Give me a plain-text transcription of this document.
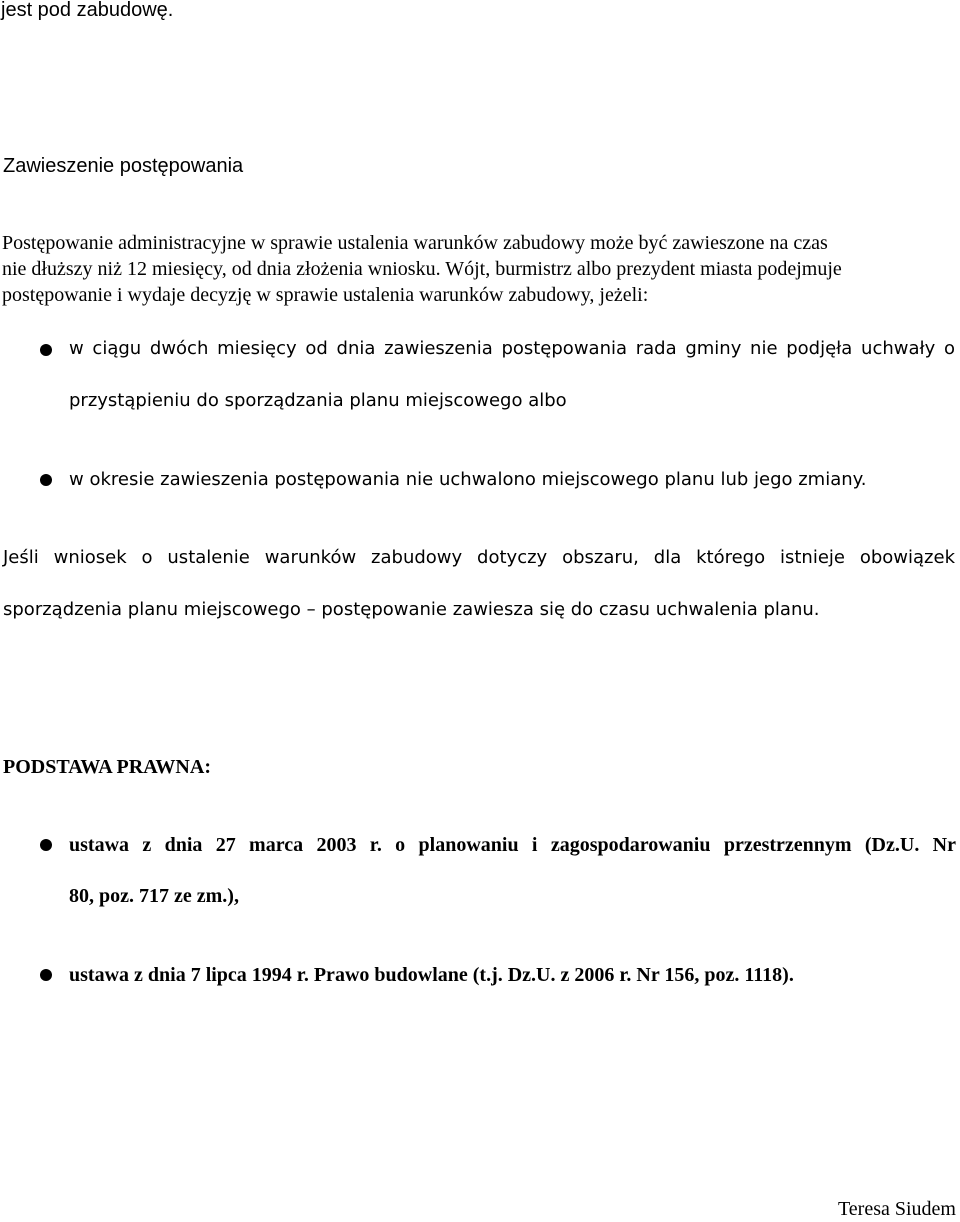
jest pod zabudowę.
Zawieszenie postępowania
Postępowanie administracyjne w sprawie ustalenia warunków zabudowy może być zawieszone na czas
nie dłuższy niż 12 miesięcy, od dnia złożenia wniosku. Wójt, burmistrz albo prezydent miasta podejmuje
postępowanie i wydaje decyzję w sprawie ustalenia warunków zabudowy, jeżeli:
w ciągu dwóch miesięcy od dnia zawieszenia postępowania rada gminy nie podjęła uchwały o
przystąpieniu do sporządzania planu miejscowego albo
w okresie zawieszenia postępowania nie uchwalono miejscowego planu lub jego zmiany.
Jeśli wniosek o ustalenie warunków zabudowy dotyczy obszaru, dla którego istnieje obowiązek
sporządzenia planu miejscowego – postępowanie zawiesza się do czasu uchwalenia planu.
PODSTAWA PRAWNA:
ustawa z dnia 27 marca 2003 r. o planowaniu i zagospodarowaniu przestrzennym (Dz.U. Nr
80, poz. 717 ze zm.),
ustawa z dnia 7 lipca 1994 r. Prawo budowlane (t.j. Dz.U. z 2006 r. Nr 156, poz. 1118).
Teresa Siudem
